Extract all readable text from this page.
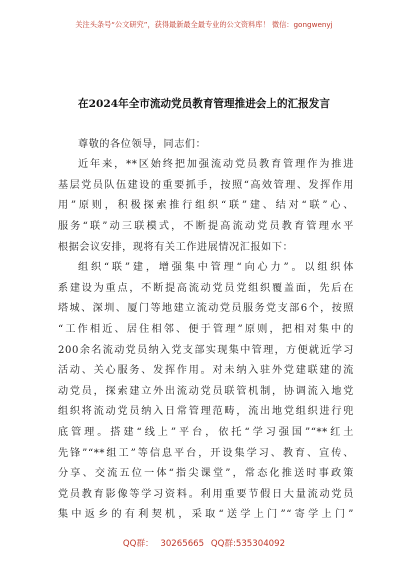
关注头条号“公文研究”，获得最新最全最专业的公文资料库！ 微信：gongwenyj
在2024年全市流动党员教育管理推进会上的汇报发言
尊敬的各位领导，同志们：
近年来，**区始终把加强流动党员教育管理作为推进
基层党员队伍建设的重要抓手，按照“高效管理、发挥作用
用”原则，积极探索推行组织“联”建、结对“联”心、
服务“联”动三联模式，不断提高流动党员教育管理水平
根据会议安排，现将有关工作进展情况汇报如下：
组织“联”建，增强集中管理“向心力”。以组织体
系建设为重点，不断提高流动党员党组织覆盖面，先后在
塔城、深圳、厦门等地建立流动党员服务党支部6个，按照
“工作相近、居住相邻、便于管理”原则，把相对集中的
200余名流动党员纳入党支部实现集中管理，方便就近学习
活动、关心服务、发挥作用。对未纳入驻外党建联建的流
动党员，探索建立外出流动党员联管机制，协调流入地党
组织将流动党员纳入日常管理范畴，流出地党组织进行兜
底管理。搭建“线上”平台，依托“学习强国”“**红土
先锋”“**组工”等信息平台，开设集学习、教育、宣传、
分享、交流五位一体“指尖课堂”，常态化推送时事政策
党员教育影像等学习资料。利用重要节假日大量流动党员
集中返乡的有利契机，采取“送学上门”“寄学上门”
QQ群： 30265665 QQ群:535304092
